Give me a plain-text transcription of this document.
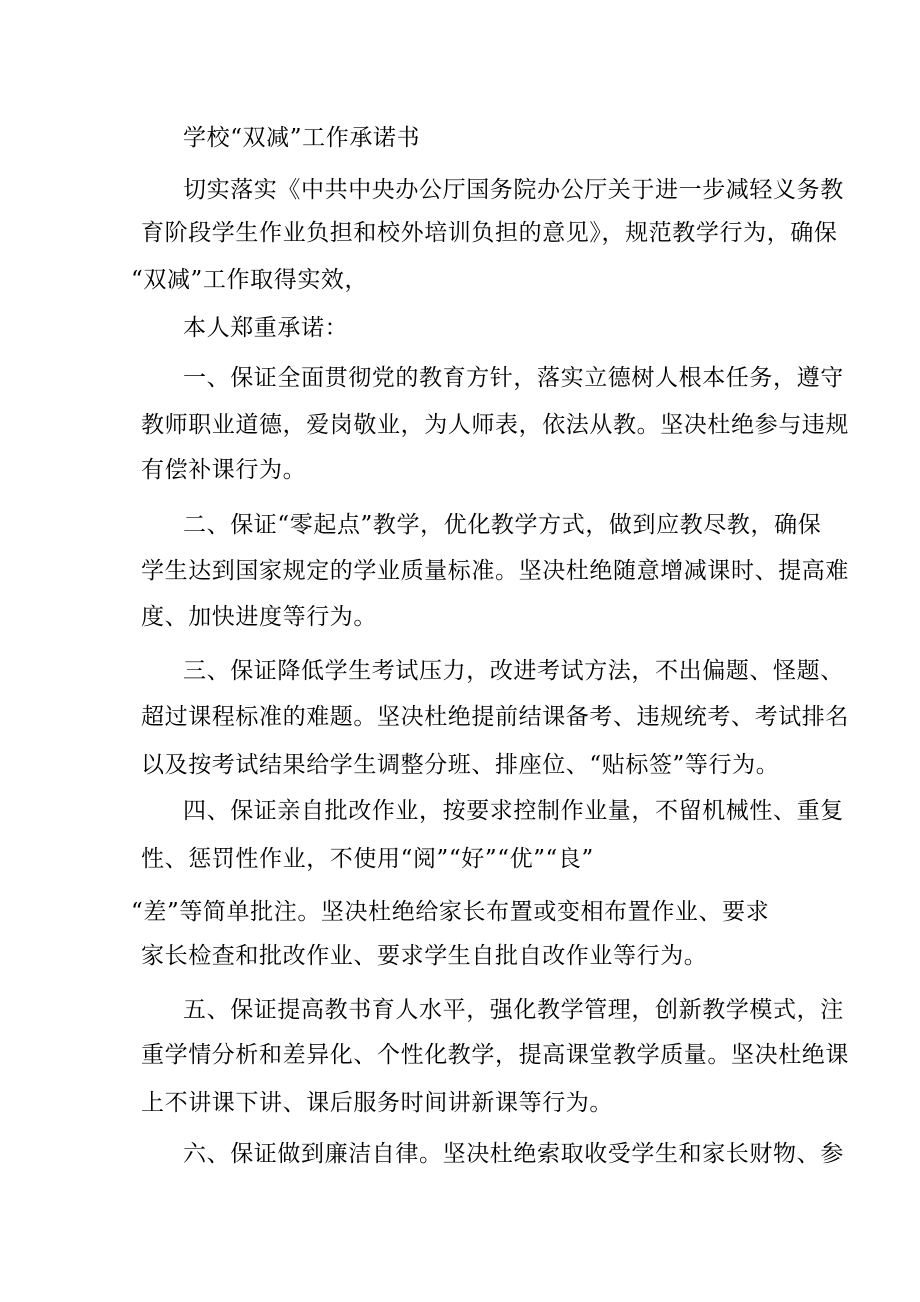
学校“双减”工作承诺书
切实落实《中共中央办公厅国务院办公厅关于进一步减轻义务教
育阶段学生作业负担和校外培训负担的意见》，规范教学行为，确保
“双减”工作取得实效，
本人郑重承诺：
一、保证全面贯彻党的教育方针，落实立德树人根本任务，遵守
教师职业道德，爱岗敬业，为人师表，依法从教。坚决杜绝参与违规
有偿补课行为。
二、保证“零起点”教学，优化教学方式，做到应教尽教，确保
学生达到国家规定的学业质量标准。坚决杜绝随意增减课时、提高难
度、加快进度等行为。
三、保证降低学生考试压力，改进考试方法，不出偏题、怪题、
超过课程标准的难题。坚决杜绝提前结课备考、违规统考、考试排名
以及按考试结果给学生调整分班、排座位、“贴标签”等行为。
四、保证亲自批改作业，按要求控制作业量，不留机械性、重复
性、惩罚性作业，不使用“阅”“好”“优”“良”
“差”等简单批注。坚决杜绝给家长布置或变相布置作业、要求
家长检查和批改作业、要求学生自批自改作业等行为。
五、保证提高教书育人水平，强化教学管理，创新教学模式，注
重学情分析和差异化、个性化教学，提高课堂教学质量。坚决杜绝课
上不讲课下讲、课后服务时间讲新课等行为。
六、保证做到廉洁自律。坚决杜绝索取收受学生和家长财物、参
